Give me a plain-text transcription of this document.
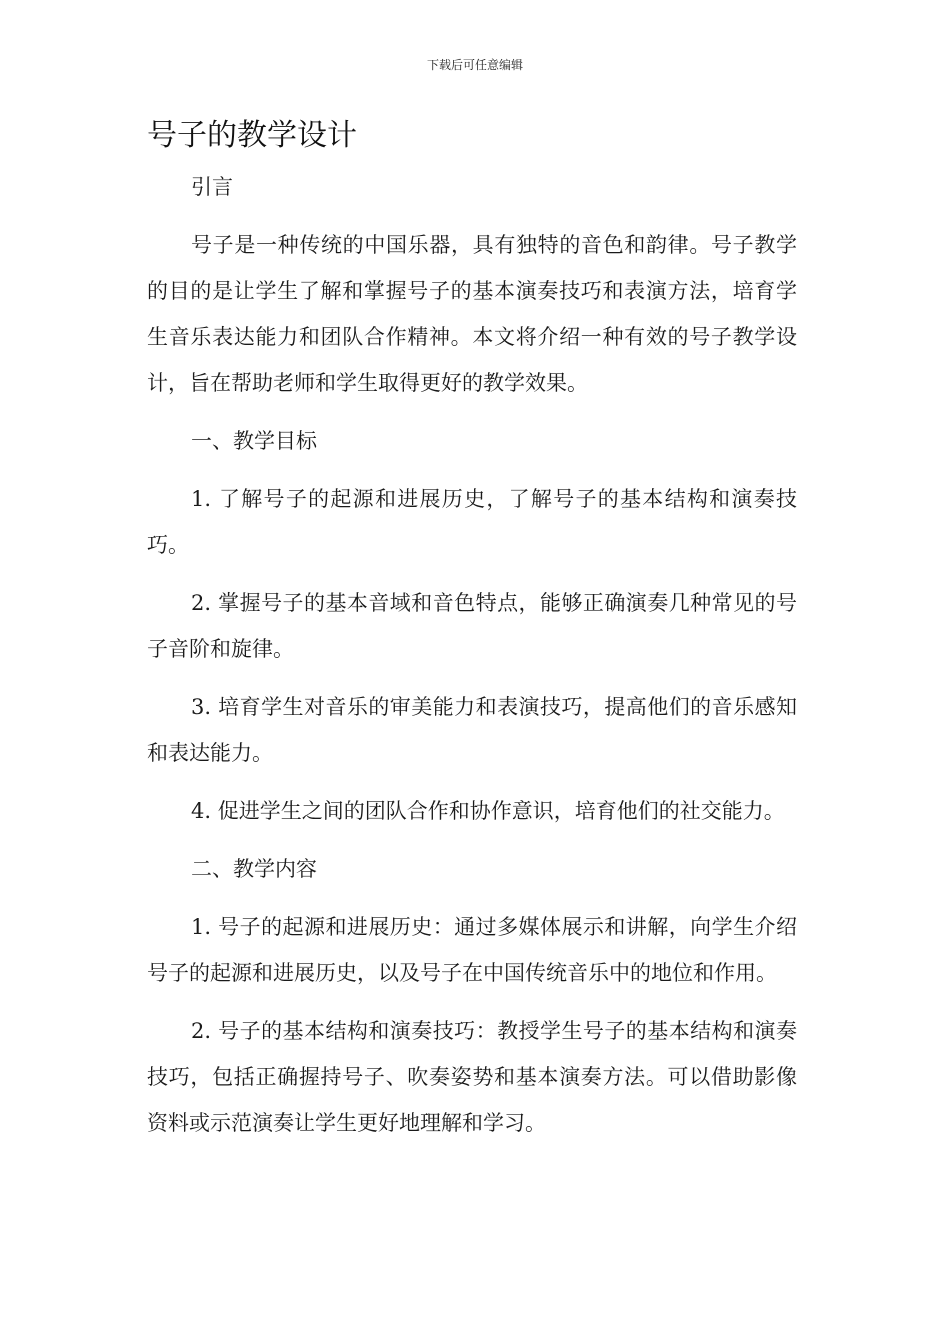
下载后可任意编辑
号子的教学设计

引言

号子是一种传统的中国乐器，具有独特的音色和韵律。号子教学的目的是让学生了解和掌握号子的基本演奏技巧和表演方法，培育学生音乐表达能力和团队合作精神。本文将介绍一种有效的号子教学设计，旨在帮助老师和学生取得更好的教学效果。

一、教学目标

1. 了解号子的起源和进展历史，了解号子的基本结构和演奏技巧。

2. 掌握号子的基本音域和音色特点，能够正确演奏几种常见的号子音阶和旋律。

3. 培育学生对音乐的审美能力和表演技巧，提高他们的音乐感知和表达能力。

4. 促进学生之间的团队合作和协作意识，培育他们的社交能力。

二、教学内容

1. 号子的起源和进展历史：通过多媒体展示和讲解，向学生介绍号子的起源和进展历史，以及号子在中国传统音乐中的地位和作用。

2. 号子的基本结构和演奏技巧：教授学生号子的基本结构和演奏技巧，包括正确握持号子、吹奏姿势和基本演奏方法。可以借助影像资料或示范演奏让学生更好地理解和学习。
